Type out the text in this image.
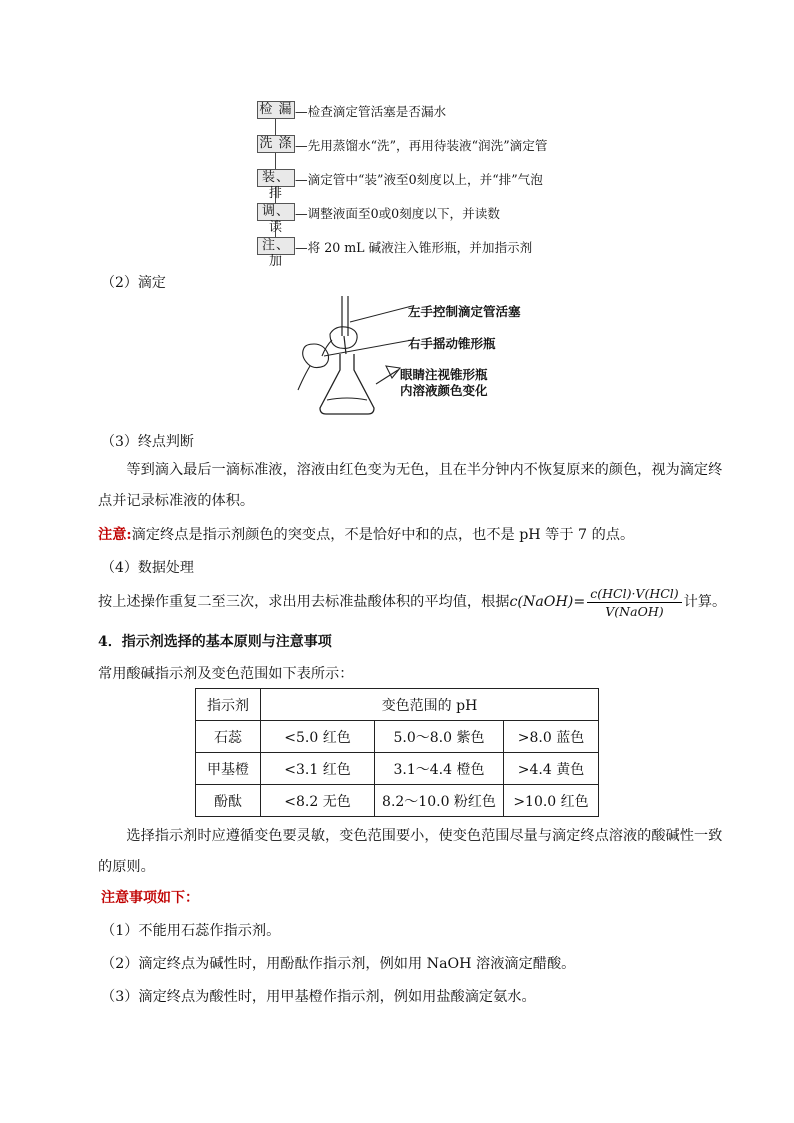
检 漏 —检查滴定管活塞是否漏水
洗 涤 —先用蒸馏水“洗”，再用待装液“润洗”滴定管
装、排
—滴定管中“装”液至0刻度以上，并“排”气泡
调、读
—调整液面至0或0刻度以下，并读数
注、加
—将 20 mL 碱液注入锥形瓶，并加指示剂
（2）滴定
左手控制滴定管活塞
右手摇动锥形瓶
眼睛注视锥形瓶
内溶液颜色变化
（3）终点判断
等到滴入最后一滴标准液，溶液由红色变为无色，且在半分钟内不恢复原来的颜色，视为滴定终点并记录标准液的体积。
注意:滴定终点是指示剂颜色的突变点，不是恰好中和的点，也不是 pH 等于 7 的点。
（4）数据处理
按上述操作重复二至三次，求出用去标准盐酸体积的平均值，根据c(NaOH)= $\frac{\text{c(HCl)·V(HCl)}}{\text{V(NaOH)}}$ 计算。
4．指示剂选择的基本原则与注意事项
常用酸碱指示剂及变色范围如下表所示：
指示剂	变色范围的 pH		
石蕊	<5.0 红色	5.0～8.0 紫色	>8.0 蓝色
甲基橙	<3.1 红色	3.1～4.4 橙色	>4.4 黄色
酚酞	<8.2 无色	8.2～10.0 粉红色	>10.0 红色
选择指示剂时应遵循变色要灵敏，变色范围要小，使变色范围尽量与滴定终点溶液的酸碱性一致的原则。
注意事项如下：
（1）不能用石蕊作指示剂。
（2）滴定终点为碱性时，用酚酞作指示剂，例如用 NaOH 溶液滴定醋酸。
（3）滴定终点为酸性时，用甲基橙作指示剂，例如用盐酸滴定氨水。
